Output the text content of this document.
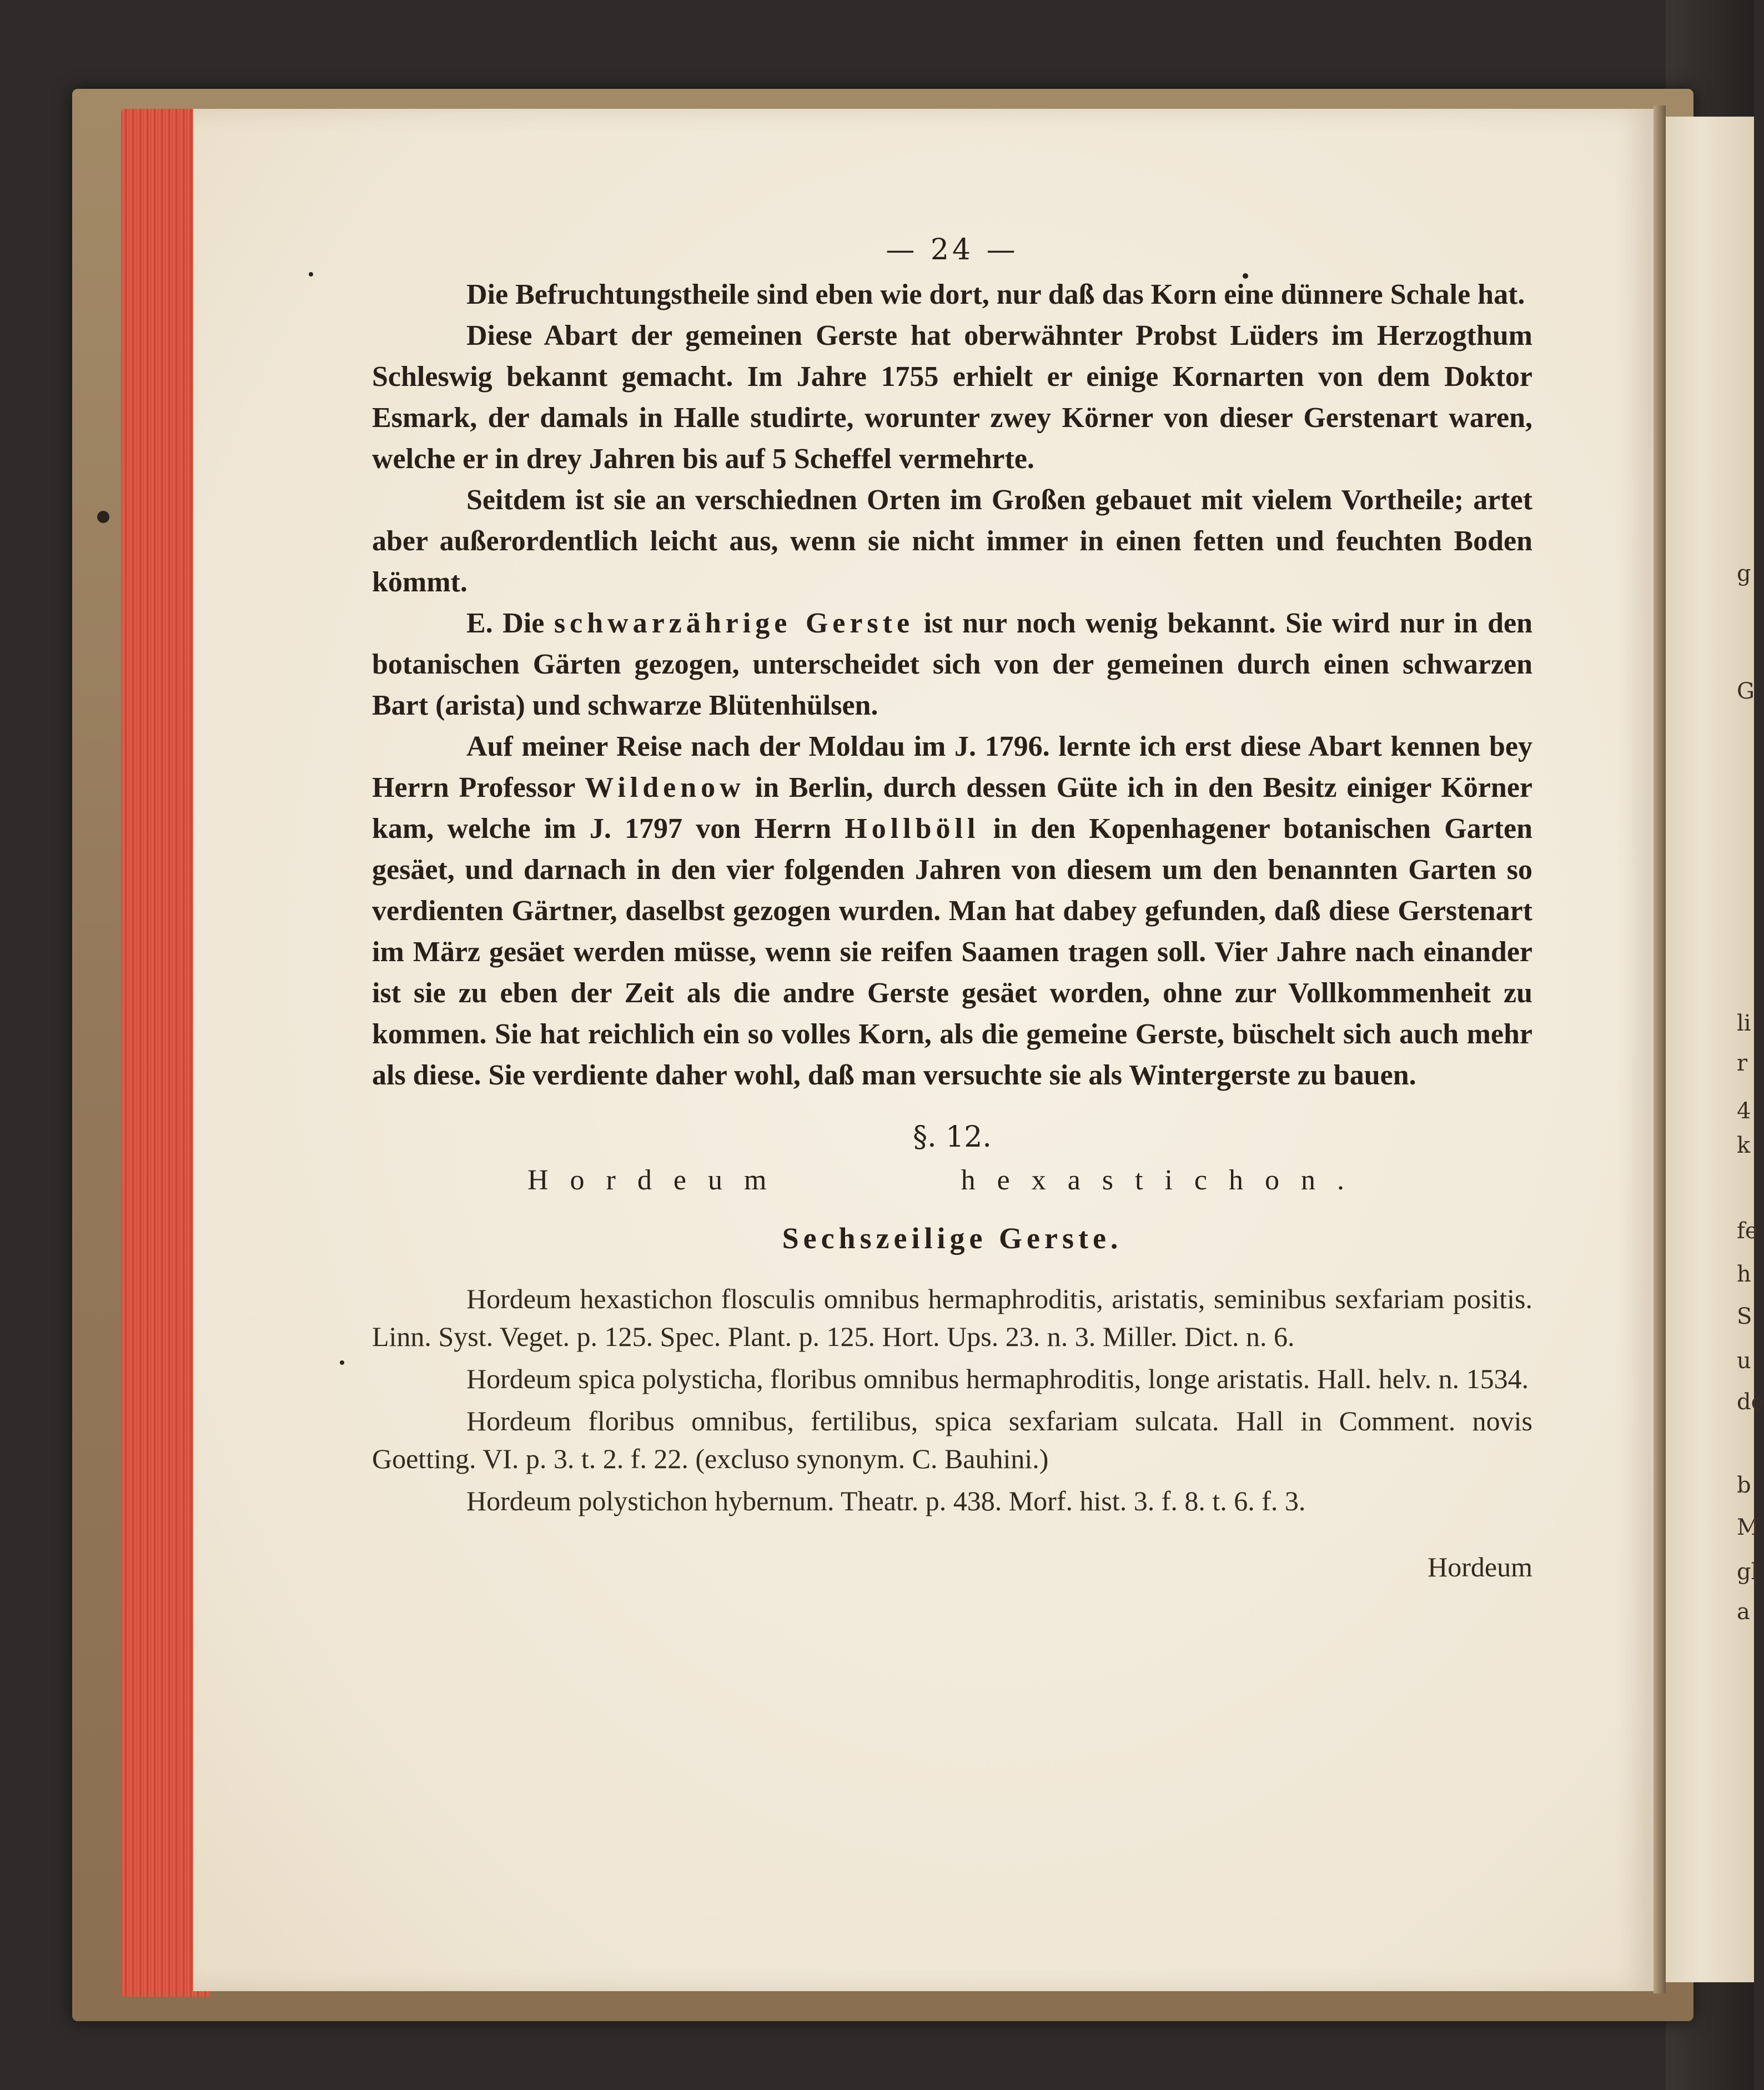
g
G
li
r
4
k
fe
h
S
u
de
b
M
gl
a
— 24 —

Die Befruchtungstheile sind eben wie dort, nur daß das Korn eine dünnere Schale hat.

Diese Abart der gemeinen Gerste hat oberwähnter Probst Lüders im Herzogthum Schleswig bekannt gemacht. Im Jahre 1755 erhielt er einige Kornarten von dem Doktor Esmark, der damals in Halle studirte, worunter zwey Körner von dieser Gerstenart waren, welche er in drey Jahren bis auf 5 Scheffel vermehrte.

Seitdem ist sie an verschiednen Orten im Großen gebauet mit vielem Vortheile; artet aber außerordentlich leicht aus, wenn sie nicht immer in einen fetten und feuchten Boden kömmt.

E. Die schwarzährige Gerste ist nur noch wenig bekannt. Sie wird nur in den botanischen Gärten gezogen, unterscheidet sich von der gemeinen durch einen schwarzen Bart (arista) und schwarze Blütenhülsen.

Auf meiner Reise nach der Moldau im J. 1796. lernte ich erst diese Abart kennen bey Herrn Professor Wildenow in Berlin, durch dessen Güte ich in den Besitz einiger Körner kam, welche im J. 1797 von Herrn Hollböll in den Kopenhagener botanischen Garten gesäet, und darnach in den vier folgenden Jahren von diesem um den benannten Garten so verdienten Gärtner, daselbst gezogen wurden. Man hat dabey gefunden, daß diese Gerstenart im März gesäet werden müsse, wenn sie reifen Saamen tragen soll. Vier Jahre nach einander ist sie zu eben der Zeit als die andre Gerste gesäet worden, ohne zur Vollkommenheit zu kommen. Sie hat reichlich ein so volles Korn, als die gemeine Gerste, büschelt sich auch mehr als diese. Sie verdiente daher wohl, daß man versuchte sie als Wintergerste zu bauen.

§. 12.
Hordeum	hexastichon.
Sechszeilige Gerste.

Hordeum hexastichon flosculis omnibus hermaphroditis, aristatis, seminibus sexfariam positis. Linn. Syst. Veget. p. 125. Spec. Plant. p. 125. Hort. Ups. 23. n. 3. Miller. Dict. n. 6.

Hordeum spica polysticha, floribus omnibus hermaphroditis, longe aristatis. Hall. helv. n. 1534.

Hordeum floribus omnibus, fertilibus, spica sexfariam sulcata. Hall in Comment. novis Goetting. VI. p. 3. t. 2. f. 22. (excluso synonym. C. Bauhini.)

Hordeum polystichon hybernum. Theatr. p. 438. Morf. hist. 3. f. 8. t. 6. f. 3.

Hordeum
